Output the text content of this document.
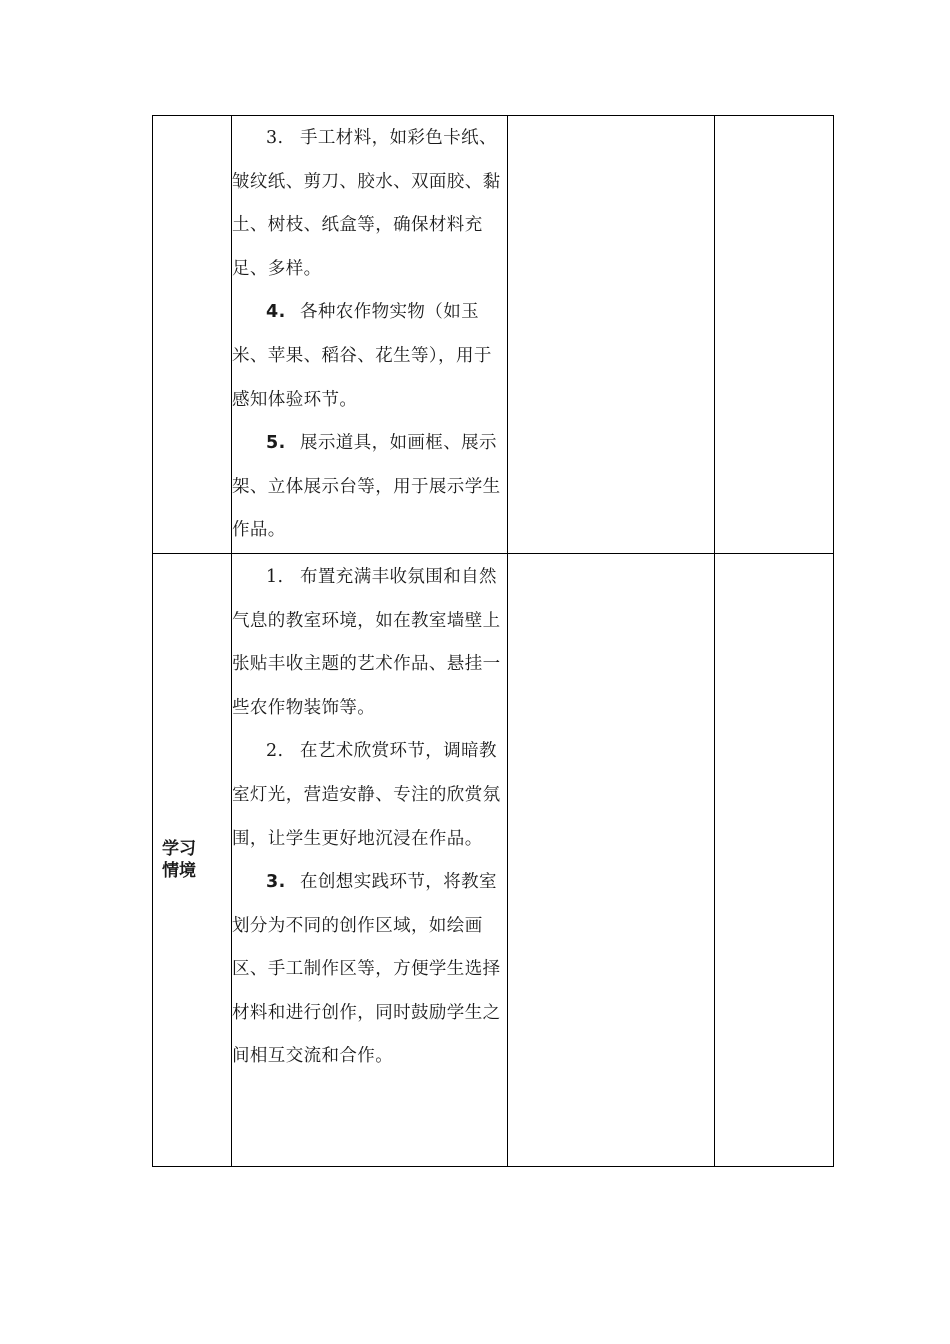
	3. 手工材料，如彩色卡纸、皱纹纸、剪刀、胶水、双面胶、黏土、树枝、纸盒等，确保材料充足、多样。

4. 各种农作物实物（如玉米、苹果、稻谷、花生等），用于感知体验环节。

5. 展示道具，如画框、展示架、立体展示台等，用于展示学生作品。		

学习情境	1. 布置充满丰收氛围和自然气息的教室环境，如在教室墙壁上张贴丰收主题的艺术作品、悬挂一些农作物装饰等。

2. 在艺术欣赏环节，调暗教室灯光，营造安静、专注的欣赏氛围，让学生更好地沉浸在作品。

3. 在创想实践环节，将教室划分为不同的创作区域，如绘画区、手工制作区等，方便学生选择材料和进行创作，同时鼓励学生之间相互交流和合作。		
